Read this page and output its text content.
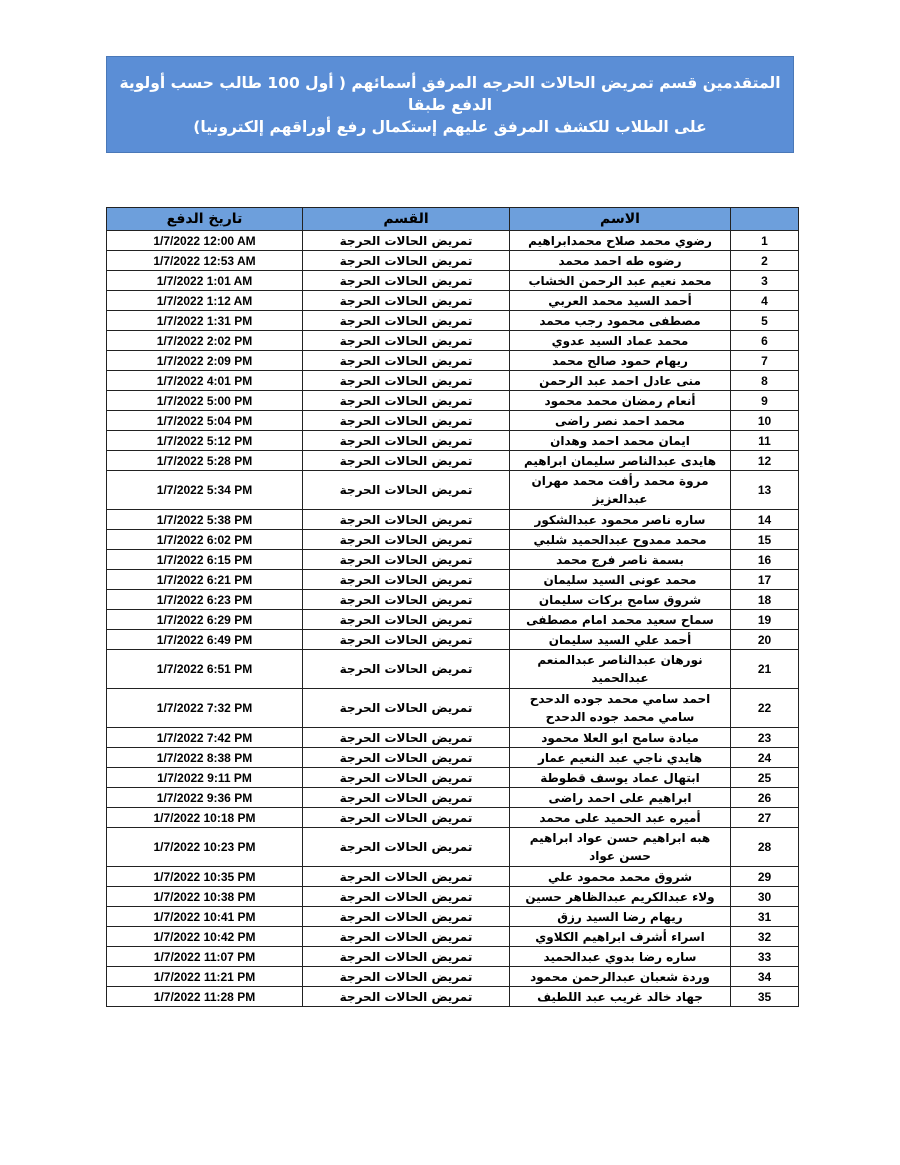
المتقدمين قسم تمريض الحالات الحرجه المرفق أسمائهم ( أول 100 طالب حسب أولوية الدفع طبقا
على الطلاب للكشف المرفق عليهم إستكمال رفع أوراقهم إلكترونيا)
تاريخ الدفع	القسم	الاسم	
1/7/2022 12:00 AM	تمريض الحالات الحرجة	رضوي محمد صلاح محمدابراهيم	1
1/7/2022 12:53 AM	تمريض الحالات الحرجة	رضوه طه احمد محمد	2
1/7/2022 1:01 AM	تمريض الحالات الحرجة	محمد نعيم عبد الرحمن الخشاب	3
1/7/2022 1:12 AM	تمريض الحالات الحرجة	أحمد السيد محمد العربي	4
1/7/2022 1:31 PM	تمريض الحالات الحرجة	مصطفى محمود رجب محمد	5
1/7/2022 2:02 PM	تمريض الحالات الحرجة	محمد عماد السيد عدوي	6
1/7/2022 2:09 PM	تمريض الحالات الحرجة	ريهام حمود صالح محمد	7
1/7/2022 4:01 PM	تمريض الحالات الحرجة	منى عادل احمد عبد الرحمن	8
1/7/2022 5:00 PM	تمريض الحالات الحرجة	أنعام رمضان محمد محمود	9
1/7/2022 5:04 PM	تمريض الحالات الحرجة	محمد احمد نصر راضى	10
1/7/2022 5:12 PM	تمريض الحالات الحرجة	ايمان محمد احمد وهدان	11
1/7/2022 5:28 PM	تمريض الحالات الحرجة	هايدى عبدالناصر سليمان ابراهيم	12
1/7/2022 5:34 PM	تمريض الحالات الحرجة	مروة محمد رأفت محمد مهران
عبدالعزيز	13
1/7/2022 5:38 PM	تمريض الحالات الحرجة	ساره ناصر محمود عبدالشكور	14
1/7/2022 6:02 PM	تمريض الحالات الحرجة	محمد ممدوح عبدالحميد شلبي	15
1/7/2022 6:15 PM	تمريض الحالات الحرجة	بسمة ناصر فرج محمد	16
1/7/2022 6:21 PM	تمريض الحالات الحرجة	محمد عونى السيد سليمان	17
1/7/2022 6:23 PM	تمريض الحالات الحرجة	شروق سامح بركات سليمان	18
1/7/2022 6:29 PM	تمريض الحالات الحرجة	سماح سعيد محمد امام مصطفى	19
1/7/2022 6:49 PM	تمريض الحالات الحرجة	أحمد علي السيد سليمان	20
1/7/2022 6:51 PM	تمريض الحالات الحرجة	نورهان عبدالناصر عبدالمنعم
عبدالحميد	21
1/7/2022 7:32 PM	تمريض الحالات الحرجة	احمد سامي محمد جوده الدحدح
سامي محمد جوده الدحدح	22
1/7/2022 7:42 PM	تمريض الحالات الحرجة	ميادة سامح ابو العلا محمود	23
1/7/2022 8:38 PM	تمريض الحالات الحرجة	هايدي ناجي عبد النعيم عمار	24
1/7/2022 9:11 PM	تمريض الحالات الحرجة	ابتهال عماد يوسف قطوطة	25
1/7/2022 9:36 PM	تمريض الحالات الحرجة	ابراهيم على احمد راضى	26
1/7/2022 10:18 PM	تمريض الحالات الحرجة	أميره عبد الحميد على محمد	27
1/7/2022 10:23 PM	تمريض الحالات الحرجة	هبه ابراهيم حسن عواد ابراهيم
حسن عواد	28
1/7/2022 10:35 PM	تمريض الحالات الحرجة	شروق محمد محمود علي	29
1/7/2022 10:38 PM	تمريض الحالات الحرجة	ولاء عبدالكريم عبدالظاهر حسين	30
1/7/2022 10:41 PM	تمريض الحالات الحرجة	ريهام رضا السيد رزق	31
1/7/2022 10:42 PM	تمريض الحالات الحرجة	اسراء أشرف ابراهيم الكلاوي	32
1/7/2022 11:07 PM	تمريض الحالات الحرجة	ساره رضا بدوي عبدالحميد	33
1/7/2022 11:21 PM	تمريض الحالات الحرجة	وردة شعبان عبدالرحمن محمود	34
1/7/2022 11:28 PM	تمريض الحالات الحرجة	جهاد خالد غريب عبد اللطيف	35
